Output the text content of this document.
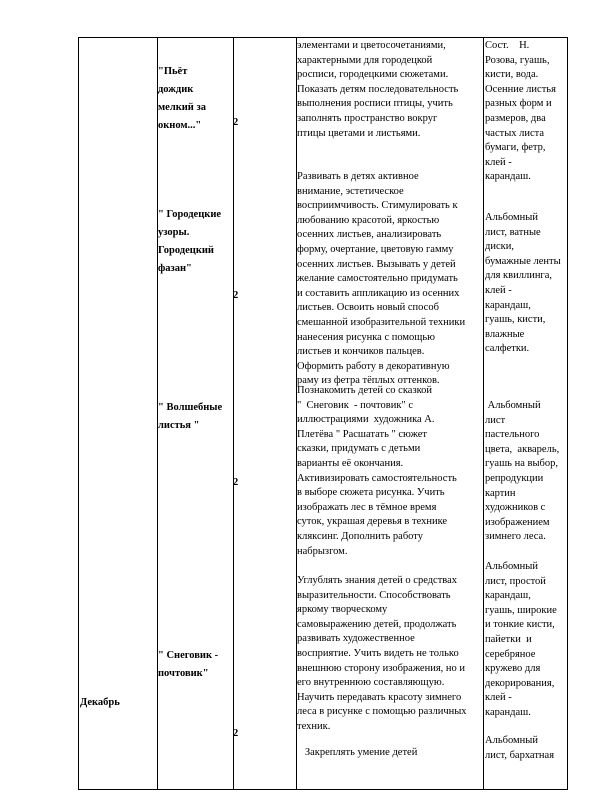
Декабрь
"Пьёт
дождик
мелкий за
окном..."
" Городецкие
узоры.
Городецкий
фазан"
" Волшебные
листья "
" Снеговик -
почтовик"
2
2
2
2
элементами и цветосочетаниями,
характерными для городецкой
росписи, городецкими сюжетами.
Показать детям последовательность
выполнения росписи птицы, учить
заполнять пространство вокруг
птицы цветами и листьями.
Развивать в детях активное
внимание, эстетическое
восприимчивость. Стимулировать к
любованию красотой, яркостью
осенних листьев, анализировать
форму, очертание, цветовую гамму
осенних листьев. Вызывать у детей
желание самостоятельно придумать
и составить аппликацию из осенних
листьев. Освоить новый способ
смешанной изобразительной техники
нанесения рисунка с помощью
листьев и кончиков пальцев.
Оформить работу в декоративную
раму из фетра тёплых оттенков.
Познакомить детей со сказкой
"  Снеговик  - почтовик" с
иллюстрациями  художника А.
Плетёва " Расшатать " сюжет
сказки, придумать с детьми
варианты её окончания.
Активизировать самостоятельность
в выборе сюжета рисунка. Учить
изображать лес в тёмное время
суток, украшая деревья в технике
кляксинг. Дополнить работу
набрызгом.
Углублять знания детей о средствах
выразительности. Способствовать
яркому творческому
самовыражению детей, продолжать
развивать художественное
восприятие. Учить видеть не только
внешнюю сторону изображения, но и
его внутреннюю составляющую.
Научить передавать красоту зимнего
леса в рисунке с помощью различных
техник.
Закреплять умение детей
Сост.    Н.
Розова, гуашь,
кисти, вода.
Осенние листья
разных форм и
размеров, два
частых листа
бумаги, фетр,
клей -
карандаш.
Альбомный
лист, ватные
диски,
бумажные ленты
для квиллинга,
клей -
карандаш,
гуашь, кисти,
влажные
салфетки.
Альбомный
лист
пастельного
цвета,  акварель,
гуашь на выбор,
репродукции
картин
художников с
изображением
зимнего леса.
Альбомный
лист, простой
карандаш,
гуашь, широкие
и тонкие кисти,
пайетки  и
серебряное
кружево для
декорирования,
клей -
карандаш.
Альбомный
лист, бархатная
